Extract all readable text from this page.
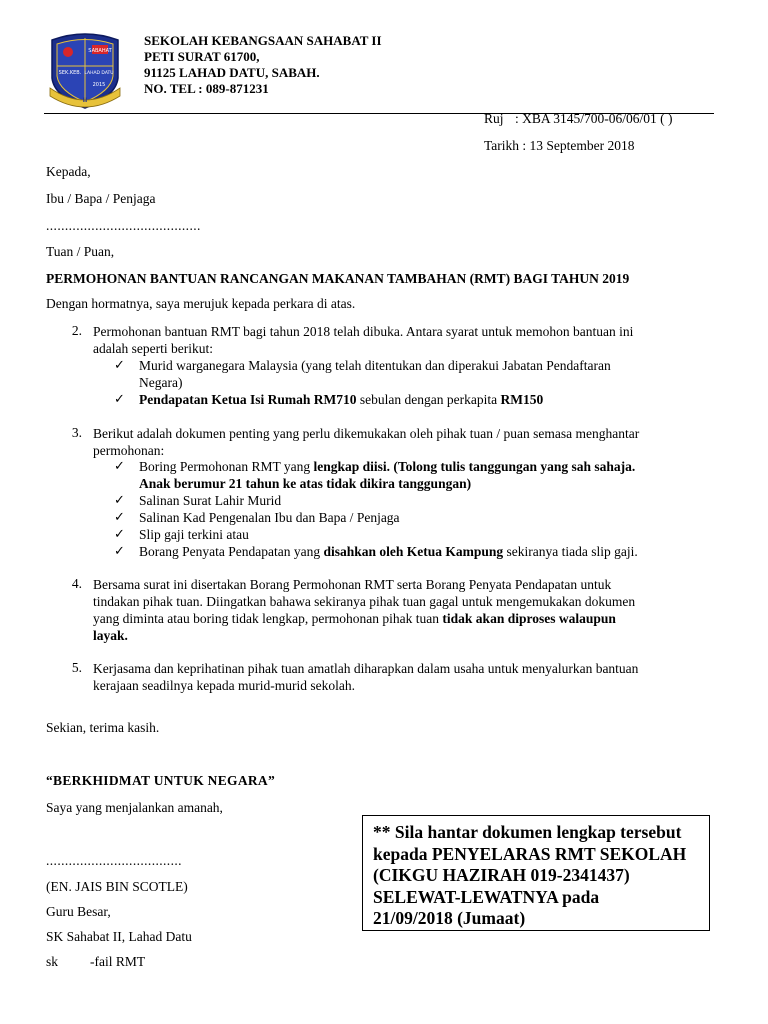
SABAHAT
SEK.KEB. LAHAD DATU
2015
II
SEKOLAH KEBANGSAAN SAHABAT II
PETI SURAT 61700,
91125 LAHAD DATU, SABAH.
NO. TEL : 089-871231
Ruj : XBA 3145/700-06/06/01 ( )
Tarikh : 13 September 2018
Kepada,
Ibu / Bapa / Penjaga
.........................................
Tuan / Puan,
PERMOHONAN BANTUAN RANCANGAN MAKANAN TAMBAHAN (RMT) BAGI TAHUN 2019
Dengan hormatnya, saya merujuk kepada perkara di atas.
2. Permohonan bantuan RMT bagi tahun 2018 telah dibuka. Antara syarat untuk memohon bantuan ini
adalah seperti berikut:
✓	Murid warganegara Malaysia (yang telah ditentukan dan diperakui Jabatan Pendaftaran
Negara)
✓	Pendapatan Ketua Isi Rumah RM710 sebulan dengan perkapita RM150
3. Berikut adalah dokumen penting yang perlu dikemukakan oleh pihak tuan / puan semasa menghantar
permohonan:
✓	Boring Permohonan RMT yang lengkap diisi. (Tolong tulis tanggungan yang sah sahaja.
Anak berumur 21 tahun ke atas tidak dikira tanggungan)
✓	Salinan Surat Lahir Murid
✓	Salinan Kad Pengenalan Ibu dan Bapa / Penjaga
✓	Slip gaji terkini atau
✓	Borang Penyata Pendapatan yang disahkan oleh Ketua Kampung sekiranya tiada slip gaji.
4. Bersama surat ini disertakan Borang Permohonan RMT serta Borang Penyata Pendapatan untuk
tindakan pihak tuan. Diingatkan bahawa sekiranya pihak tuan gagal untuk mengemukakan dokumen
yang diminta atau boring tidak lengkap, permohonan pihak tuan tidak akan diproses walaupun
layak.
5. Kerjasama dan keprihatinan pihak tuan amatlah diharapkan dalam usaha untuk menyalurkan bantuan
kerajaan seadilnya kepada murid-murid sekolah.
Sekian, terima kasih.
“BERKHIDMAT UNTUK NEGARA”
Saya yang menjalankan amanah,
....................................
(EN. JAIS BIN SCOTLE)
Guru Besar,
SK Sahabat II, Lahad Datu
sk -fail RMT
** Sila hantar dokumen lengkap tersebut
kepada PENYELARAS RMT SEKOLAH
(CIKGU HAZIRAH 019-2341437)
SELEWAT-LEWATNYA pada
21/09/2018 (Jumaat)
